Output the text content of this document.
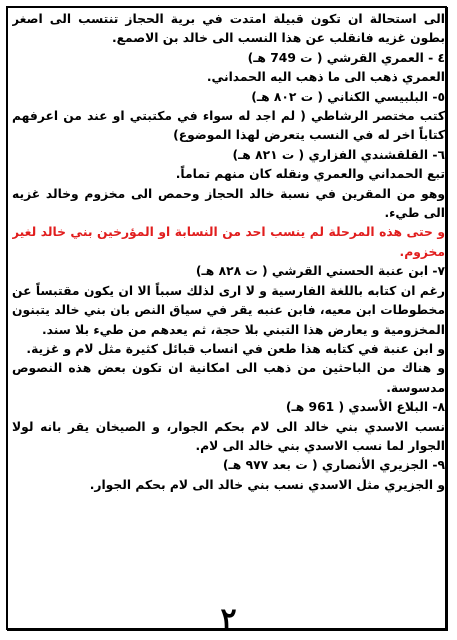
الى استحالة ان تكون قبيلة امتدت في برية الحجاز تنتسب الى اصغر بطون غزيه فانقلب عن هذا النسب الى خالد بن الاصمع.

٤ - العمري القرشي ( ت 749 هـ)

العمري ذهب الى ما ذهب اليه الحمداني.

٥- البلبيسي الكناني ( ت ٨٠٢ هـ)

كتب مختصر الرشاطي ( لم اجد له سواء في مكتبتي او عند من اعرفهم كتاباً اخر له في النسب يتعرض لهذا الموضوع)

٦- القلقشندي الفزاري ( ت ٨٢١ هـ)

تبع الحمداني والعمري ونقله كان منهم تماماً.

وهو من المقرين في نسبة خالد الحجاز وحمص الى مخزوم وخالد غزيه الى طيء.

و حتى هذه المرحلة لم ينسب احد من النسابة او المؤرخين بني خالد لغير مخزوم.

٧- ابن عنبة الحسني القرشي ( ت ٨٢٨ هـ)

رغم ان كتابه باللغة الفارسية و لا ارى لذلك سبباً الا ان يكون مقتبساً عن مخطوطات ابن معيه، فابن عنبه يقر في سياق النص بان بني خالد يتبنون المخزومية و يعارض هذا التبني بلا حجة، ثم يعدهم من طيء بلا سند.

و ابن عنبة في كتابه هذا طعن في انساب قبائل كثيرة مثل لام و غزية.

و هناك من الباحثين من ذهب الى امكانية ان تكون بعض هذه النصوص مدسوسة.

٨- البلاع الأسدي ( 961 هـ)

نسب الاسدي بني خالد الى لام بحكم الجوار، و الصيخان يقر بانه لولا الجوار لما نسب الاسدي بني خالد الى لام.

٩- الجزيري الأنصاري ( ت بعد ٩٧٧ هـ)

و الجزيري مثل الاسدي نسب بني خالد الى لام بحكم الجوار.

٢
